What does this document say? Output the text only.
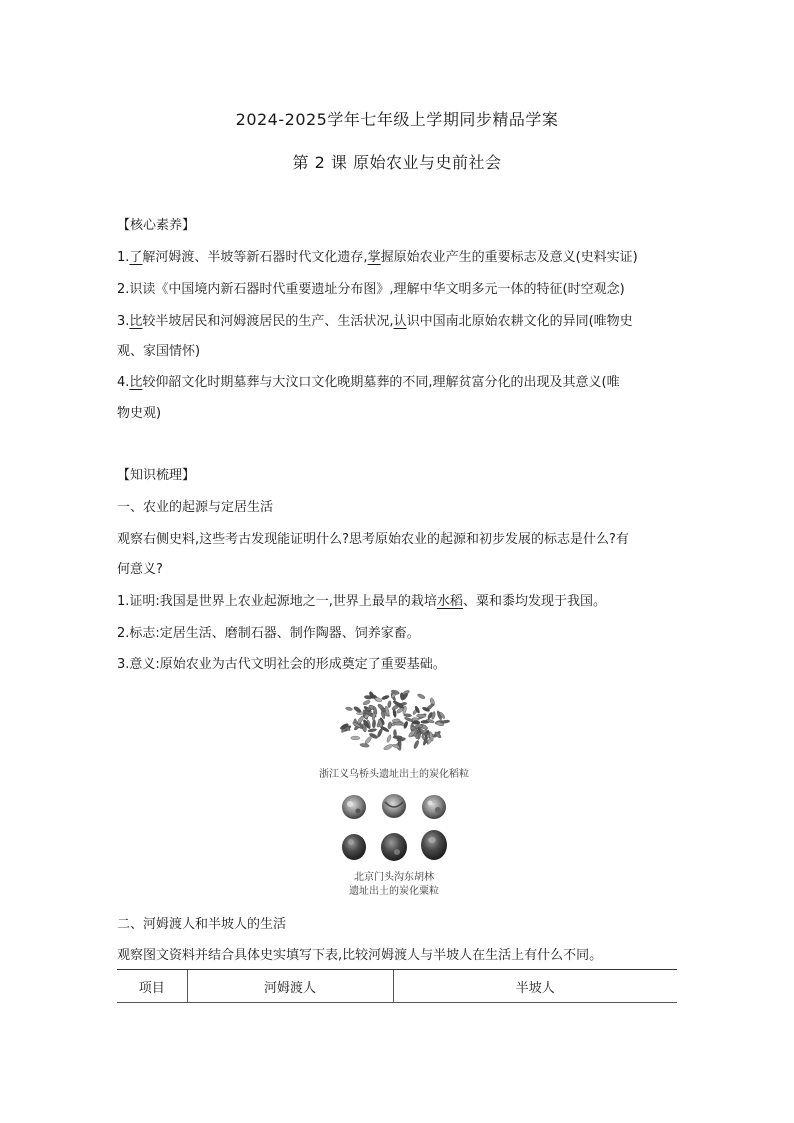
2024-2025学年七年级上学期同步精品学案
第 2 课 原始农业与史前社会
【核心素养】
1.了解河姆渡、半坡等新石器时代文化遗存,掌握原始农业产生的重要标志及意义(史料实证)
2.识读《中国境内新石器时代重要遗址分布图》,理解中华文明多元一体的特征(时空观念)
3.比较半坡居民和河姆渡居民的生产、生活状况,认识中国南北原始农耕文化的异同(唯物史
观、家国情怀)
4.比较仰韶文化时期墓葬与大汶口文化晚期墓葬的不同,理解贫富分化的出现及其意义(唯
物史观)
【知识梳理】
一、农业的起源与定居生活
观察右侧史料,这些考古发现能证明什么?思考原始农业的起源和初步发展的标志是什么?有
何意义?
1.证明:我国是世界上农业起源地之一,世界上最早的栽培水稻、粟和黍均发现于我国。
2.标志:定居生活、磨制石器、制作陶器、饲养家畜。
3.意义:原始农业为古代文明社会的形成奠定了重要基础。
浙江义乌桥头遗址出土的炭化稻粒
北京门头沟东胡林
遗址出土的炭化粟粒
二、河姆渡人和半坡人的生活
观察图文资料并结合具体史实填写下表,比较河姆渡人与半坡人在生活上有什么不同。
项目	河姆渡人	半坡人
